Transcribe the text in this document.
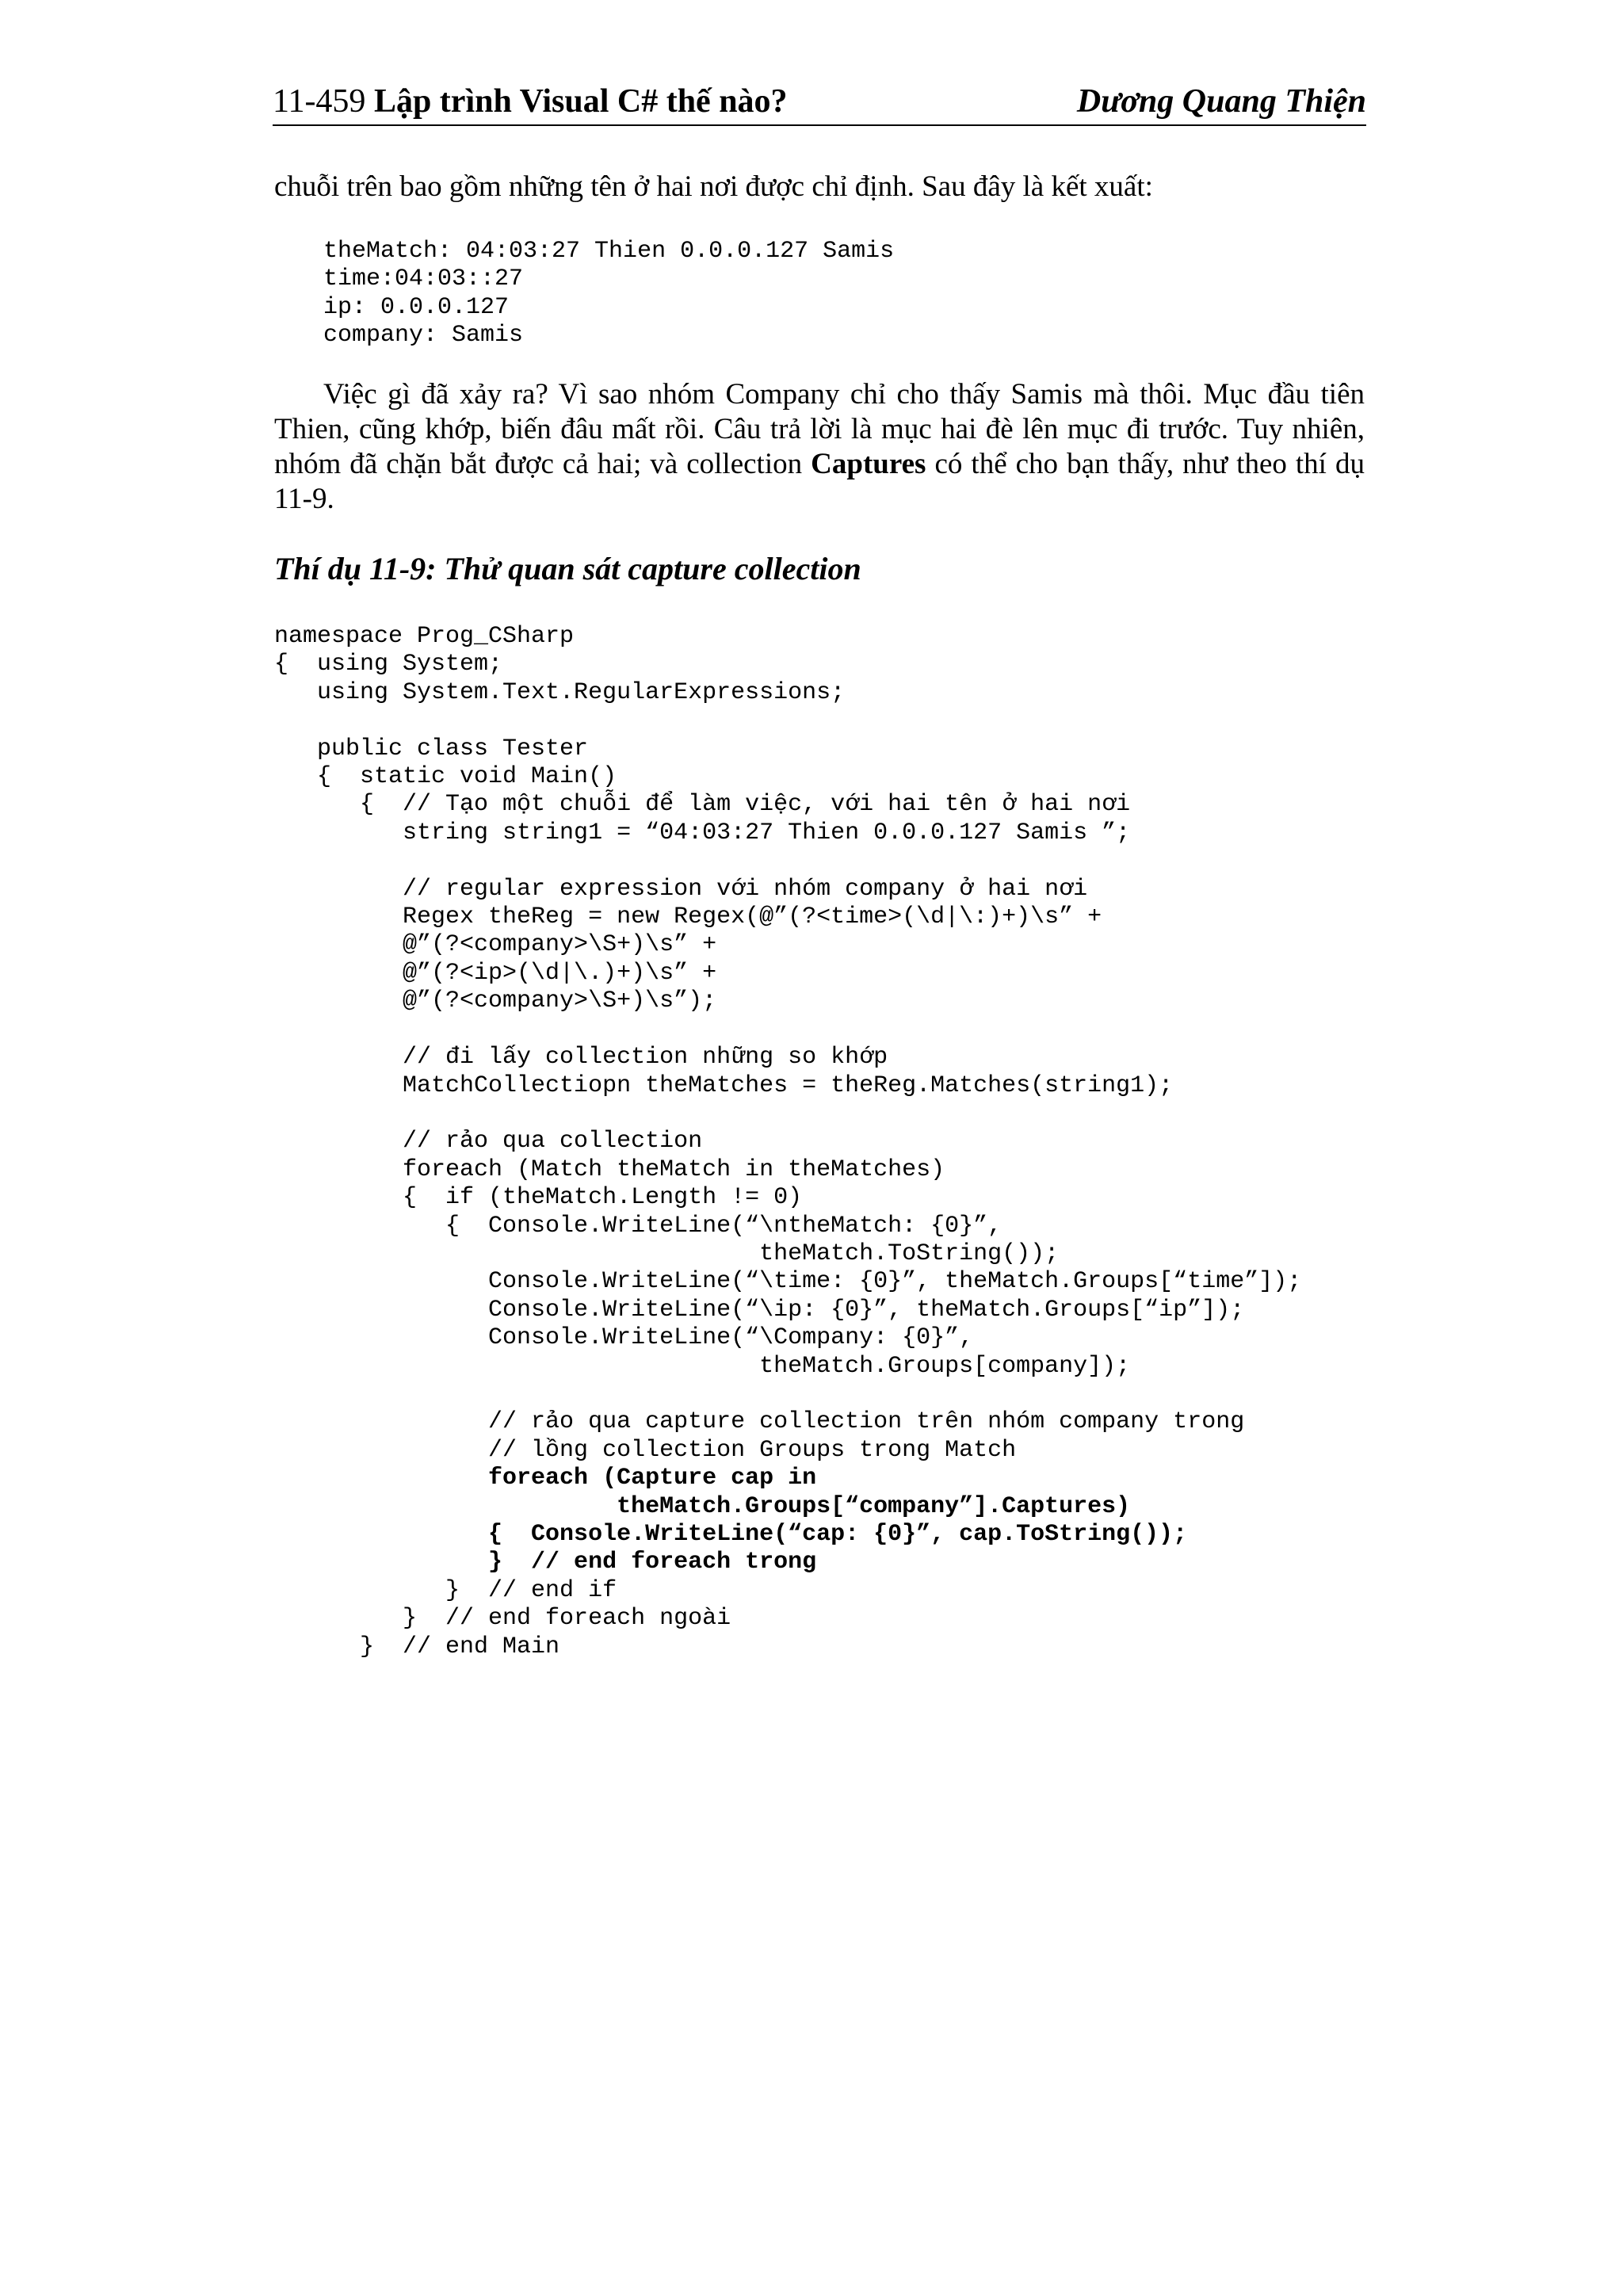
11-459 Lập trình Visual C# thế nào?	Dương Quang Thiện
chuỗi trên bao gồm những tên ở hai nơi được chỉ định. Sau đây là kết xuất:
theMatch: 04:03:27 Thien 0.0.0.127 Samis
time:04:03::27
ip: 0.0.0.127
company: Samis
Việc gì đã xảy ra? Vì sao nhóm Company chỉ cho thấy Samis mà thôi. Mục đầu tiên Thien, cũng khớp, biến đâu mất rồi. Câu trả lời là mục hai đè lên mục đi trước. Tuy nhiên, nhóm đã chặn bắt được cả hai; và collection Captures có thể cho bạn thấy, như theo thí dụ 11-9.
Thí dụ 11-9: Thử quan sát capture collection
namespace Prog_CSharp
{  using System;
using System.Text.RegularExpressions;

public class Tester
{  static void Main()
{  // Tạo một chuỗi để làm việc, với hai tên ở hai nơi
string string1 = “04:03:27 Thien 0.0.0.127 Samis ”;

// regular expression với nhóm company ở hai nơi
Regex theReg = new Regex(@”(?<time>(\d|\:)+)\s” +
@”(?<company>\S+)\s” +
@”(?<ip>(\d|\.)+)\s” +
@”(?<company>\S+)\s”);

// đi lấy collection những so khớp
MatchCollectiopn theMatches = theReg.Matches(string1);

// rảo qua collection
foreach (Match theMatch in theMatches)
{  if (theMatch.Length != 0)
{  Console.WriteLine(“\ntheMatch: {0}”,
theMatch.ToString());
Console.WriteLine(“\time: {0}”, theMatch.Groups[“time”]);
Console.WriteLine(“\ip: {0}”, theMatch.Groups[“ip”]);
Console.WriteLine(“\Company: {0}”,
theMatch.Groups[company]);

// rảo qua capture collection trên nhóm company trong
// lồng collection Groups trong Match
foreach (Capture cap in
theMatch.Groups[“company”].Captures)
{  Console.WriteLine(“cap: {0}”, cap.ToString());
}  // end foreach trong
}  // end if
}  // end foreach ngoài
}  // end Main
